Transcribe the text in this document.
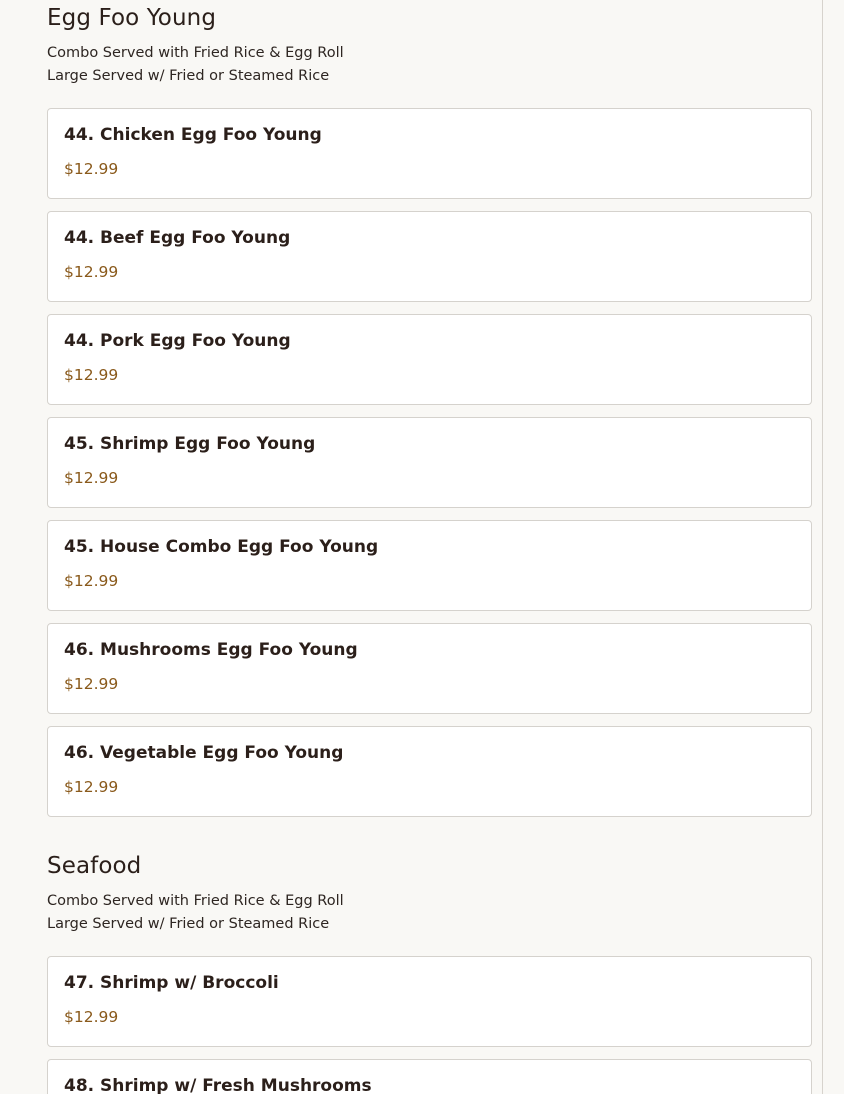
Egg Foo Young
Combo Served with Fried Rice & Egg Roll
Large Served w/ Fried or Steamed Rice
44. Chicken Egg Foo Young
$12.99
44. Beef Egg Foo Young
$12.99
44. Pork Egg Foo Young
$12.99
45. Shrimp Egg Foo Young
$12.99
45. House Combo Egg Foo Young
$12.99
46. Mushrooms Egg Foo Young
$12.99
46. Vegetable Egg Foo Young
$12.99
Seafood
Combo Served with Fried Rice & Egg Roll
Large Served w/ Fried or Steamed Rice
47. Shrimp w/ Broccoli
$12.99
48. Shrimp w/ Fresh Mushrooms
